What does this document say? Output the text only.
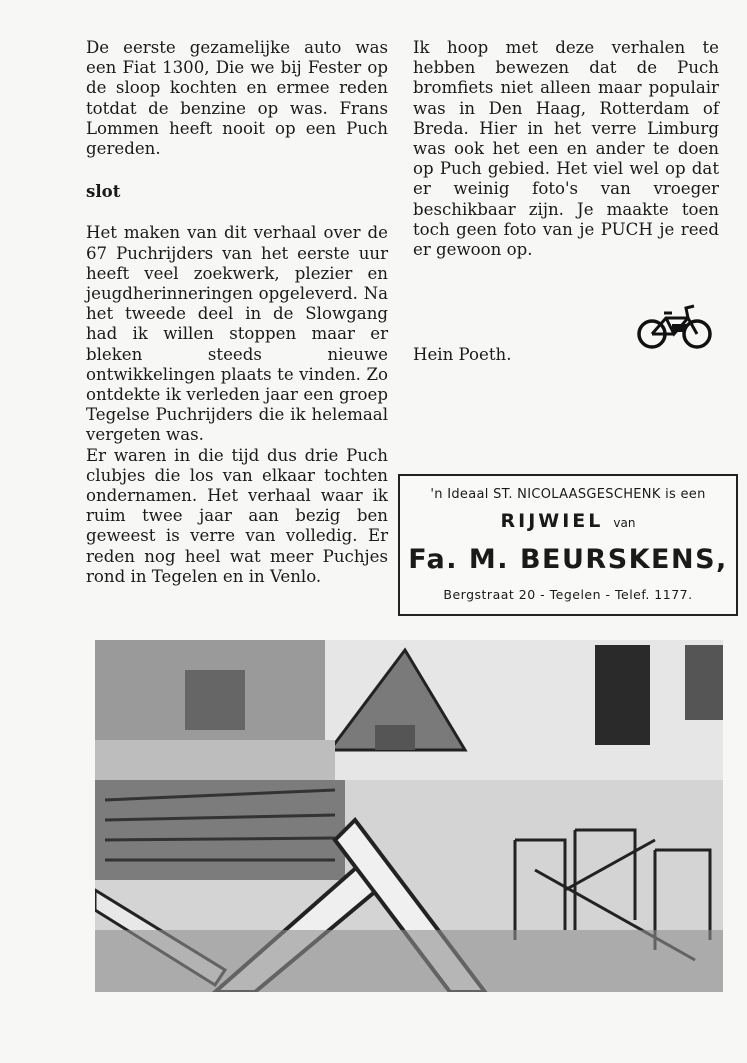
De eerste gezamelijke auto was een Fiat 1300, Die we bij Fester op de sloop kochten en ermee reden totdat de benzine op was. Frans Lommen heeft nooit op een Puch gereden.

slot

Het maken van dit verhaal over de 67 Puchrijders van het eerste uur heeft veel zoekwerk, plezier en jeugdherinneringen opgeleverd. Na het tweede deel in de Slowgang had ik willen stoppen maar er bleken steeds nieuwe ontwikkelingen plaats te vinden. Zo ontdekte ik verleden jaar een groep Tegelse Puchrijders die ik helemaal vergeten was.

Er waren in die tijd dus drie Puch clubjes die los van elkaar tochten ondernamen. Het verhaal waar ik ruim twee jaar aan bezig ben geweest is verre van volledig. Er reden nog heel wat meer Puchjes rond in Tegelen en in Venlo.

Ik hoop met deze verhalen te hebben bewezen dat de Puch bromfiets niet alleen maar populair was in Den Haag, Rotterdam of Breda. Hier in het verre Limburg was ook het een en ander te doen op Puch gebied. Het viel wel op dat er weinig foto's van vroeger beschikbaar zijn. Je maakte toen toch geen foto van je PUCH je reed er gewoon op.

Hein Poeth.
'n Ideaal ST. NICOLAASGESCHENK is een
RIJWIEL van
Fa. M. BEURSKENS,
Bergstraat 20 - Tegelen - Telef. 1177.
